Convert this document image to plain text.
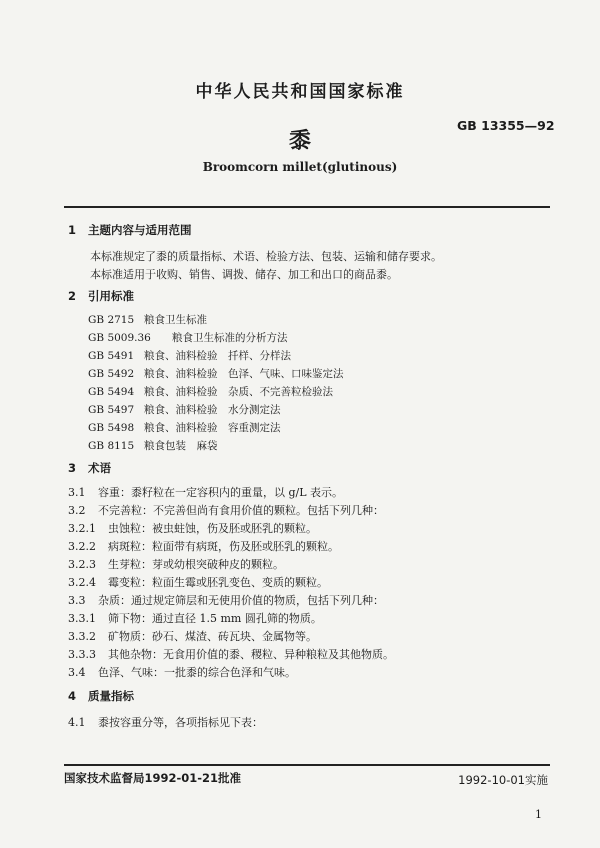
中华人民共和国国家标准
GB 13355—92
黍
Broomcorn millet(glutinous)
1 主题内容与适用范围
本标准规定了黍的质量指标、术语、检验方法、包装、运输和储存要求。
本标准适用于收购、销售、调拨、储存、加工和出口的商品黍。
2 引用标准
GB 2715 粮食卫生标准
GB 5009.36 粮食卫生标准的分析方法
GB 5491 粮食、油料检验　扦样、分样法
GB 5492 粮食、油料检验　色泽、气味、口味鉴定法
GB 5494 粮食、油料检验　杂质、不完善粒检验法
GB 5497 粮食、油料检验　水分测定法
GB 5498 粮食、油料检验　容重测定法
GB 8115 粮食包装　麻袋
3 术语
3.1 容重：黍籽粒在一定容积内的重量，以 g/L 表示。
3.2 不完善粒：不完善但尚有食用价值的颗粒。包括下列几种：
3.2.1 虫蚀粒：被虫蛀蚀，伤及胚或胚乳的颗粒。
3.2.2 病斑粒：粒面带有病斑，伤及胚或胚乳的颗粒。
3.2.3 生芽粒：芽或幼根突破种皮的颗粒。
3.2.4 霉变粒：粒面生霉或胚乳变色、变质的颗粒。
3.3 杂质：通过规定筛层和无使用价值的物质，包括下列几种：
3.3.1 筛下物：通过直径 1.5 mm 圆孔筛的物质。
3.3.2 矿物质：砂石、煤渣、砖瓦块、金属物等。
3.3.3 其他杂物：无食用价值的黍、稷粒、异种粮粒及其他物质。
3.4 色泽、气味：一批黍的综合色泽和气味。
4 质量指标
4.1 黍按容重分等，各项指标见下表：
国家技术监督局1992-01-21批准	1992-10-01实施
1
